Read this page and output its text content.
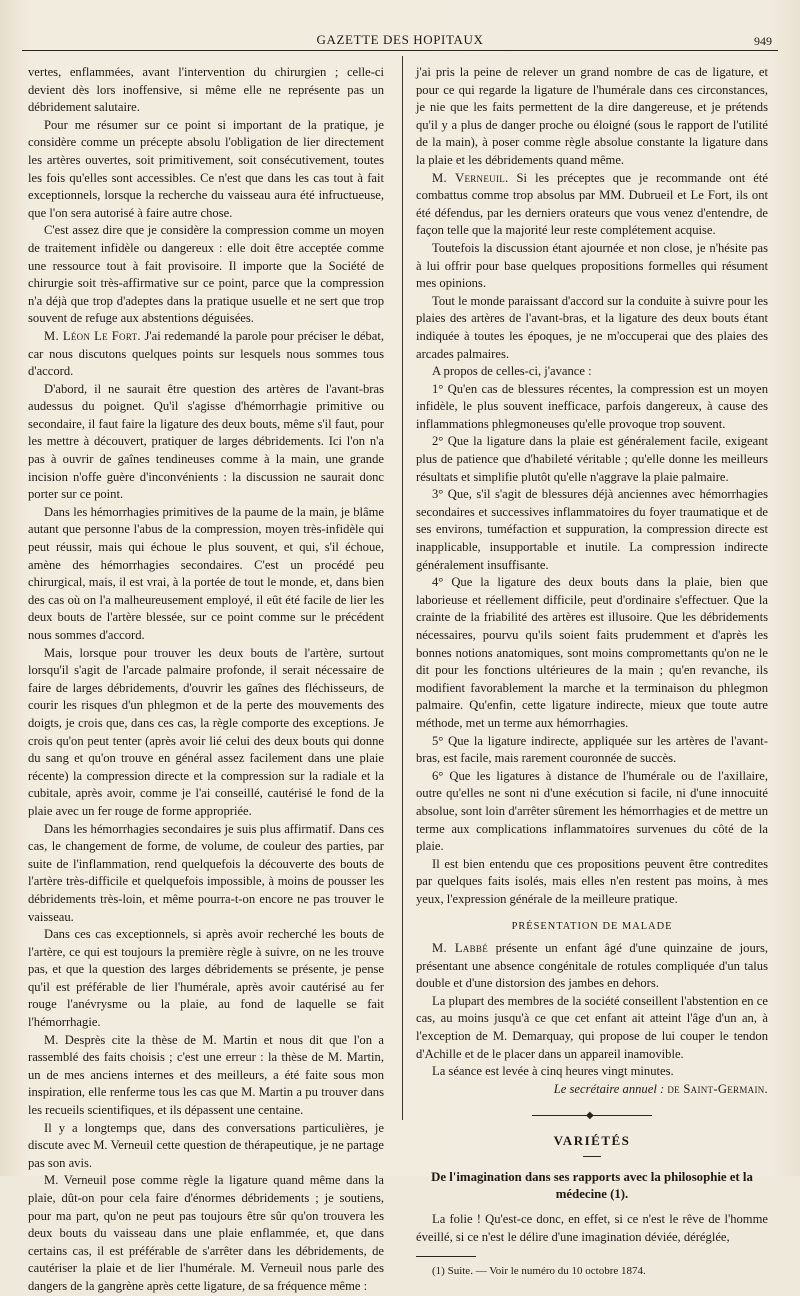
GAZETTE DES HOPITAUX	949

vertes, enflammées, avant l'intervention du chirurgien ; celle-ci devient dès lors inoffensive, si même elle ne représente pas un débridement salutaire.

Pour me résumer sur ce point si important de la pratique, je considère comme un précepte absolu l'obligation de lier directement les artères ouvertes, soit primitivement, soit consécutivement, toutes les fois qu'elles sont accessibles. Ce n'est que dans les cas tout à fait exceptionnels, lorsque la recherche du vaisseau aura été infructueuse, que l'on sera autorisé à faire autre chose.

C'est assez dire que je considère la compression comme un moyen de traitement infidèle ou dangereux : elle doit être acceptée comme une ressource tout à fait provisoire. Il importe que la Société de chirurgie soit très-affirmative sur ce point, parce que la compression n'a déjà que trop d'adeptes dans la pratique usuelle et ne sert que trop souvent de refuge aux abstentions déguisées.

M. Léon Le Fort. J'ai redemandé la parole pour préciser le débat, car nous discutons quelques points sur lesquels nous sommes tous d'accord.

D'abord, il ne saurait être question des artères de l'avant-bras audessus du poignet. Qu'il s'agisse d'hémorrhagie primitive ou secondaire, il faut faire la ligature des deux bouts, même s'il faut, pour les mettre à découvert, pratiquer de larges débridements. Ici l'on n'a pas à ouvrir de gaînes tendineuses comme à la main, une grande incision n'offe guère d'inconvénients : la discussion ne saurait donc porter sur ce point.

Dans les hémorrhagies primitives de la paume de la main, je blâme autant que personne l'abus de la compression, moyen très-infidèle qui peut réussir, mais qui échoue le plus souvent, et qui, s'il échoue, amène des hémorrhagies secondaires. C'est un procédé peu chirurgical, mais, il est vrai, à la portée de tout le monde, et, dans bien des cas où on l'a malheureusement employé, il eût été facile de lier les deux bouts de l'artère blessée, sur ce point comme sur le précédent nous sommes d'accord.

Mais, lorsque pour trouver les deux bouts de l'artère, surtout lorsqu'il s'agit de l'arcade palmaire profonde, il serait nécessaire de faire de larges débridements, d'ouvrir les gaînes des fléchisseurs, de courir les risques d'un phlegmon et de la perte des mouvements des doigts, je crois que, dans ces cas, la règle comporte des exceptions. Je crois qu'on peut tenter (après avoir lié celui des deux bouts qui donne du sang et qu'on trouve en général assez facilement dans une plaie récente) la compression directe et la compression sur la radiale et la cubitale, après avoir, comme je l'ai conseillé, cautérisé le fond de la plaie avec un fer rouge de forme appropriée.

Dans les hémorrhagies secondaires je suis plus affirmatif. Dans ces cas, le changement de forme, de volume, de couleur des parties, par suite de l'inflammation, rend quelquefois la découverte des bouts de l'artère très-difficile et quelquefois impossible, à moins de pousser les débridements très-loin, et même pourra-t-on encore ne pas trouver le vaisseau.

Dans ces cas exceptionnels, si après avoir recherché les bouts de l'artère, ce qui est toujours la première règle à suivre, on ne les trouve pas, et que la question des larges débridements se présente, je pense qu'il est préférable de lier l'humérale, après avoir cautérisé au fer rouge l'anévrysme ou la plaie, au fond de laquelle se fait l'hémorrhagie.

M. Desprès cite la thèse de M. Martin et nous dit que l'on a rassemblé des faits choisis ; c'est une erreur : la thèse de M. Martin, un de mes anciens internes et des meilleurs, a été faite sous mon inspiration, elle renferme tous les cas que M. Martin a pu trouver dans les recueils scientifiques, et ils dépassent une centaine.

Il y a longtemps que, dans des conversations particulières, je discute avec M. Verneuil cette question de thérapeutique, je ne partage pas son avis.

M. Verneuil pose comme règle la ligature quand même dans la plaie, dût-on pour cela faire d'énormes débridements ; je soutiens, pour ma part, qu'on ne peut pas toujours être sûr qu'on trouvera les deux bouts du vaisseau dans une plaie enflammée, et, que dans certains cas, il est préférable de s'arrêter dans les débridements, de cautériser la plaie et de lier l'humérale. M. Verneuil nous parle des dangers de la gangrène après cette ligature, de sa fréquence même :

j'ai pris la peine de relever un grand nombre de cas de ligature, et pour ce qui regarde la ligature de l'humérale dans ces circonstances, je nie que les faits permettent de la dire dangereuse, et je prétends qu'il y a plus de danger proche ou éloigné (sous le rapport de l'utilité de la main), à poser comme règle absolue constante la ligature dans la plaie et les débridements quand même.

M. Verneuil. Si les préceptes que je recommande ont été combattus comme trop absolus par MM. Dubrueil et Le Fort, ils ont été défendus, par les derniers orateurs que vous venez d'entendre, de façon telle que la majorité leur reste complétement acquise.

Toutefois la discussion étant ajournée et non close, je n'hésite pas à lui offrir pour base quelques propositions formelles qui résument mes opinions.

Tout le monde paraissant d'accord sur la conduite à suivre pour les plaies des artères de l'avant-bras, et la ligature des deux bouts étant indiquée à toutes les époques, je ne m'occuperai que des plaies des arcades palmaires.

A propos de celles-ci, j'avance :

1° Qu'en cas de blessures récentes, la compression est un moyen infidèle, le plus souvent inefficace, parfois dangereux, à cause des inflammations phlegmoneuses qu'elle provoque trop souvent.

2° Que la ligature dans la plaie est généralement facile, exigeant plus de patience que d'habileté véritable ; qu'elle donne les meilleurs résultats et simplifie plutôt qu'elle n'aggrave la plaie palmaire.

3° Que, s'il s'agit de blessures déjà anciennes avec hémorrhagies secondaires et successives inflammatoires du foyer traumatique et de ses environs, tuméfaction et suppuration, la compression directe est inapplicable, insupportable et inutile. La compression indirecte généralement insuffisante.

4° Que la ligature des deux bouts dans la plaie, bien que laborieuse et réellement difficile, peut d'ordinaire s'effectuer. Que la crainte de la friabilité des artères est illusoire. Que les débridements nécessaires, pourvu qu'ils soient faits prudemment et d'après les bonnes notions anatomiques, sont moins compromettants qu'on ne le dit pour les fonctions ultérieures de la main ; qu'en revanche, ils modifient favorablement la marche et la terminaison du phlegmon palmaire. Qu'enfin, cette ligature indirecte, mieux que toute autre méthode, met un terme aux hémorrhagies.

5° Que la ligature indirecte, appliquée sur les artères de l'avant-bras, est facile, mais rarement couronnée de succès.

6° Que les ligatures à distance de l'humérale ou de l'axillaire, outre qu'elles ne sont ni d'une exécution si facile, ni d'une innocuité absolue, sont loin d'arrêter sûrement les hémorrhagies et de mettre un terme aux complications inflammatoires survenues du côté de la plaie.

Il est bien entendu que ces propositions peuvent être contredites par quelques faits isolés, mais elles n'en restent pas moins, à mes yeux, l'expression générale de la meilleure pratique.

PRÉSENTATION DE MALADE

M. Labbé présente un enfant âgé d'une quinzaine de jours, présentant une absence congénitale de rotules compliquée d'un talus double et d'une distorsion des jambes en dehors.

La plupart des membres de la société conseillent l'abstention en ce cas, au moins jusqu'à ce que cet enfant ait atteint l'âge d'un an, à l'exception de M. Demarquay, qui propose de lui couper le tendon d'Achille et de le placer dans un appareil inamovible.

La séance est levée à cinq heures vingt minutes.

Le secrétaire annuel : de Saint-Germain.

◆
VARIÉTÉS
De l'imagination dans ses rapports avec la philosophie et la médecine (1).

La folie ! Qu'est-ce donc, en effet, si ce n'est le rêve de l'homme éveillé, si ce n'est le délire d'une imagination déviée, déréglée,

(1) Suite. — Voir le numéro du 10 octobre 1874.
